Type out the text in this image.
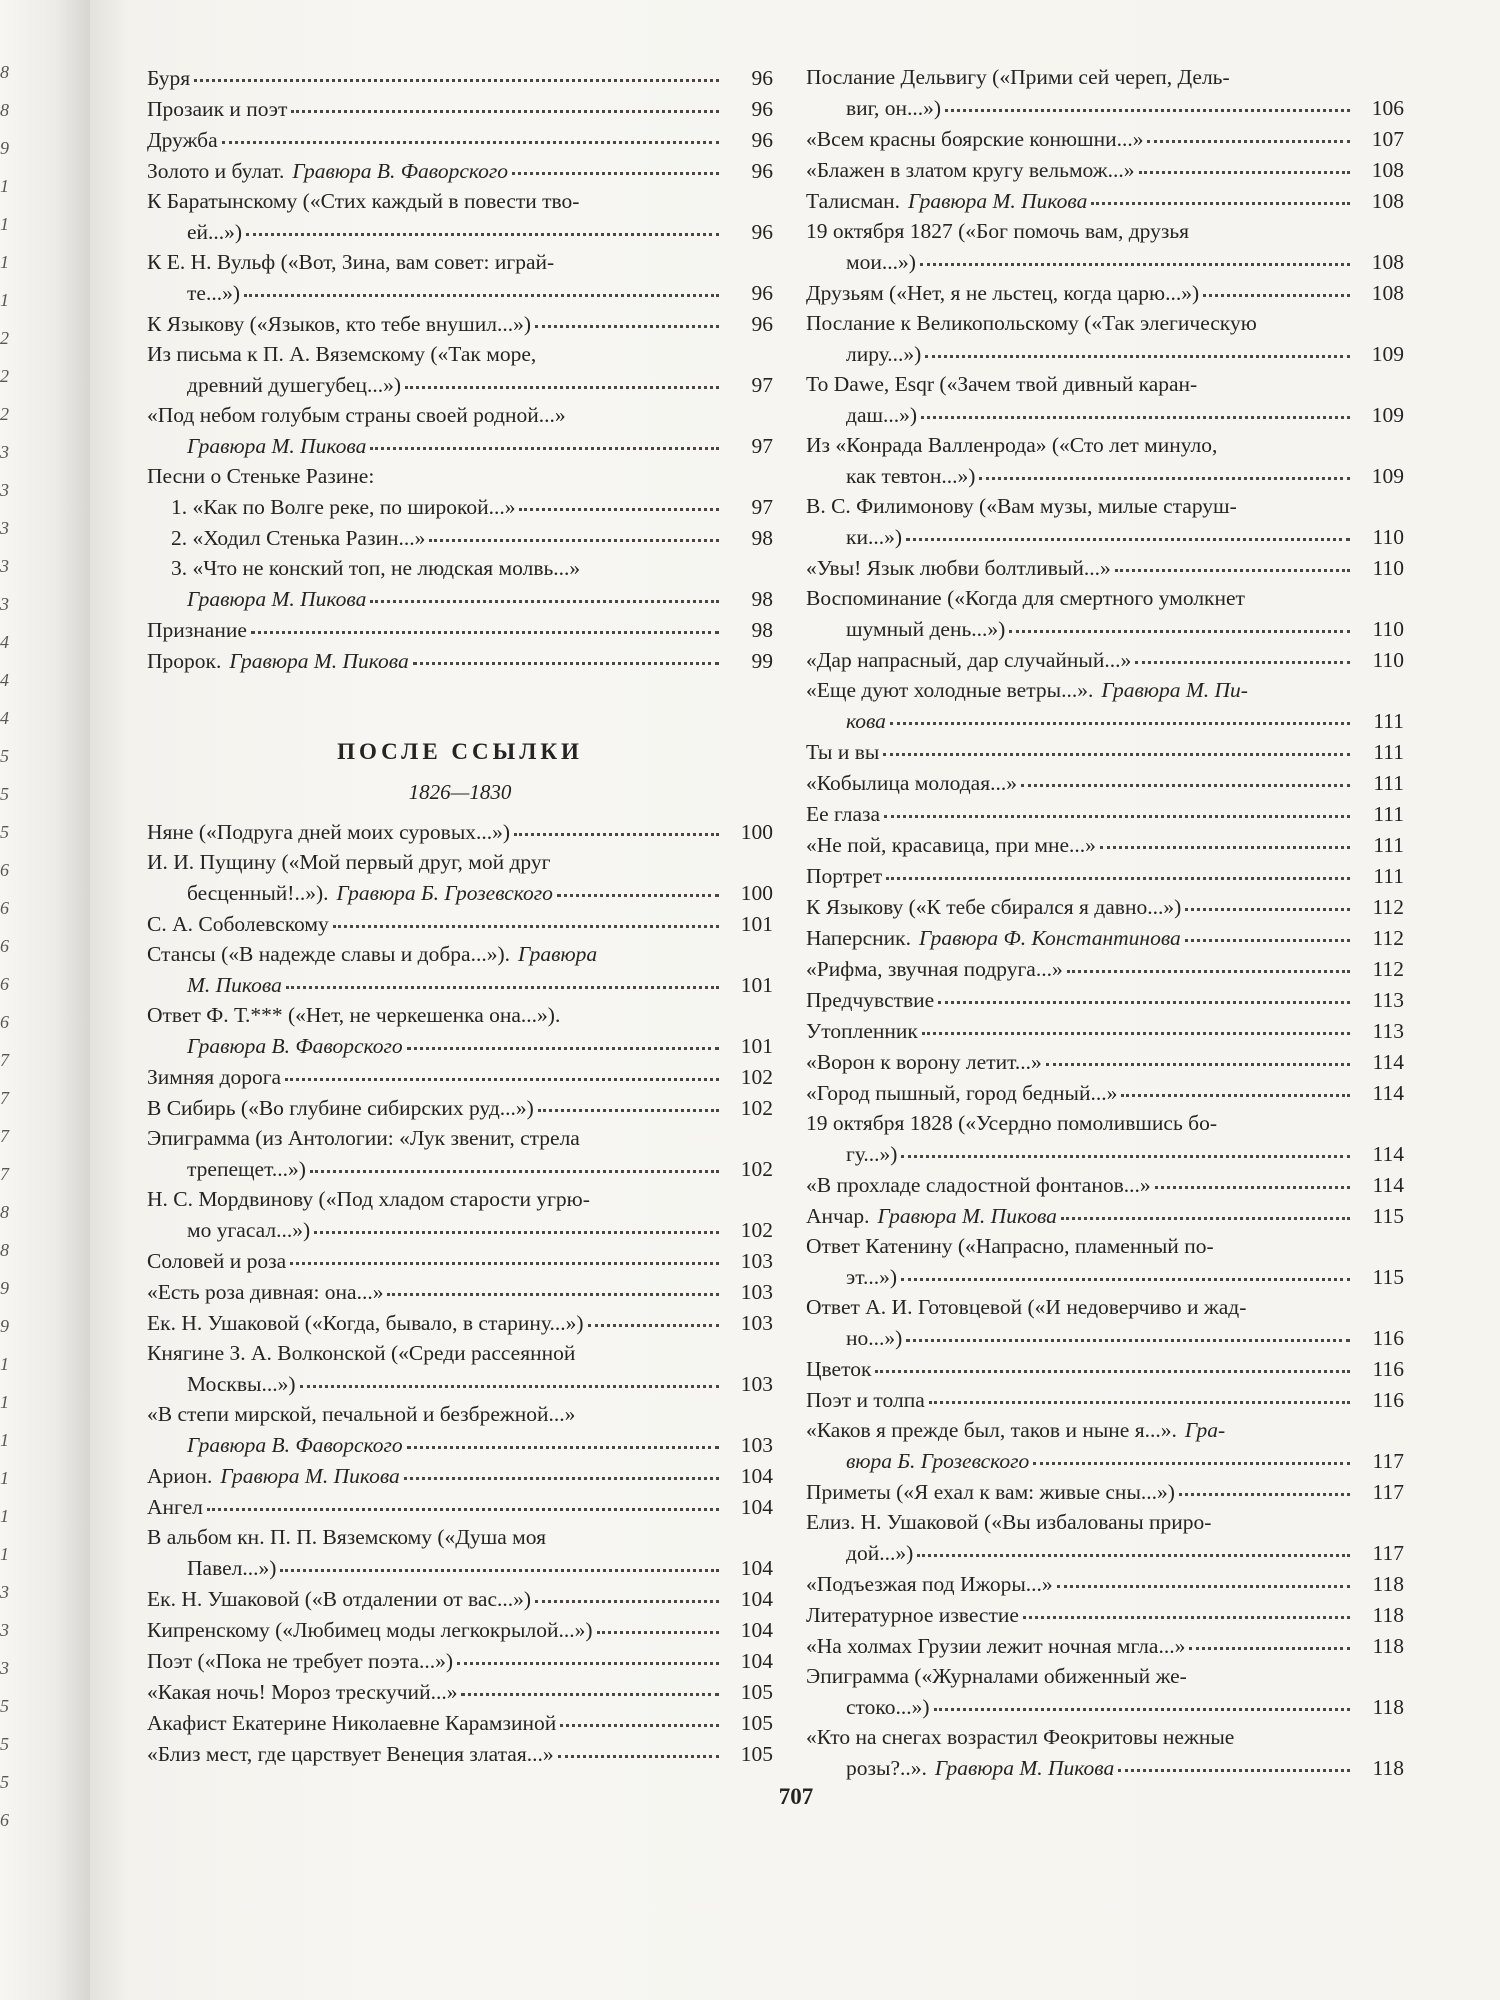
8
8
9
1
1
1
1
2
2
2
3
3
3
3
3
4
4
4
5
5
5
6
6
6
6
6
7
7
7
7
8
8
9
9
1
1
1
1
1
1
3
3
3
5
5
5
6
Буря	96
Прозаик и поэт	96
Дружба	96
Золото и булат. Гравюра В. Фаворского	96
К Баратынскому («Стих каждый в повести тво-
ей...»)	96
К Е. Н. Вульф («Вот, Зина, вам совет: играй-
те...»)	96
К Языкову («Языков, кто тебе внушил...»)	96
Из письма к П. А. Вяземскому («Так море,
древний душегубец...»)	97
«Под небом голубым страны своей родной...»
Гравюра М. Пикова	97
Песни о Стеньке Разине:
1. «Как по Волге реке, по широкой...»	97
2. «Ходил Стенька Разин...»	98
3. «Что не конский топ, не людская молвь...»
Гравюра М. Пикова	98
Признание	98
Пророк. Гравюра М. Пикова	99
ПОСЛЕ ССЫЛКИ
1826—1830
Няне («Подруга дней моих суровых...»)	100
И. И. Пущину («Мой первый друг, мой друг
бесценный!..»). Гравюра Б. Грозевского	100
С. А. Соболевскому	101
Стансы («В надежде славы и добра...»). Гравюра
М. Пикова	101
Ответ Ф. Т.*** («Нет, не черкешенка она...»).
Гравюра В. Фаворского	101
Зимняя дорога	102
В Сибирь («Во глубине сибирских руд...»)	102
Эпиграмма (из Антологии: «Лук звенит, стрела
трепещет...»)	102
Н. С. Мордвинову («Под хладом старости угрю-
мо угасал...»)	102
Соловей и роза	103
«Есть роза дивная: она...»	103
Ек. Н. Ушаковой («Когда, бывало, в старину...»)	103
Княгине З. А. Волконской («Среди рассеянной
Москвы...»)	103
«В степи мирской, печальной и безбрежной...»
Гравюра В. Фаворского	103
Арион. Гравюра М. Пикова	104
Ангел	104
В альбом кн. П. П. Вяземскому («Душа моя
Павел...»)	104
Ек. Н. Ушаковой («В отдалении от вас...»)	104
Кипренскому («Любимец моды легкокрылой...»)	104
Поэт («Пока не требует поэта...»)	104
«Какая ночь! Мороз трескучий...»	105
Акафист Екатерине Николаевне Карамзиной	105
«Близ мест, где царствует Венеция златая...»	105
Послание Дельвигу («Прими сей череп, Дель-
виг, он...»)	106
«Всем красны боярские конюшни...»	107
«Блажен в златом кругу вельмож...»	108
Талисман. Гравюра М. Пикова	108
19 октября 1827 («Бог помочь вам, друзья
мои...»)	108
Друзьям («Нет, я не льстец, когда царю...»)	108
Послание к Великопольскому («Так элегическую
лиру...»)	109
To Dawe, Esqr («Зачем твой дивный каран-
даш...»)	109
Из «Конрада Валленрода» («Сто лет минуло,
как тевтон...»)	109
В. С. Филимонову («Вам музы, милые старуш-
ки...»)	110
«Увы! Язык любви болтливый...»	110
Воспоминание («Когда для смертного умолкнет
шумный день...»)	110
«Дар напрасный, дар случайный...»	110
«Еще дуют холодные ветры...». Гравюра М. Пи-
кова	111
Ты и вы	111
«Кобылица молодая...»	111
Ее глаза	111
«Не пой, красавица, при мне...»	111
Портрет	111
К Языкову («К тебе сбирался я давно...»)	112
Наперсник. Гравюра Ф. Константинова	112
«Рифма, звучная подруга...»	112
Предчувствие	113
Утопленник	113
«Ворон к ворону летит...»	114
«Город пышный, город бедный...»	114
19 октября 1828 («Усердно помолившись бо-
гу...»)	114
«В прохладе сладостной фонтанов...»	114
Анчар. Гравюра М. Пикова	115
Ответ Катенину («Напрасно, пламенный по-
эт...»)	115
Ответ А. И. Готовцевой («И недоверчиво и жад-
но...»)	116
Цветок	116
Поэт и толпа	116
«Каков я прежде был, таков и ныне я...». Гра-
вюра Б. Грозевского	117
Приметы («Я ехал к вам: живые сны...»)	117
Елиз. Н. Ушаковой («Вы избалованы приро-
дой...»)	117
«Подъезжая под Ижоры...»	118
Литературное известие	118
«На холмах Грузии лежит ночная мгла...»	118
Эпиграмма («Журналами обиженный же-
стоко...»)	118
«Кто на снегах возрастил Феокритовы нежные
розы?..». Гравюра М. Пикова	118
707
